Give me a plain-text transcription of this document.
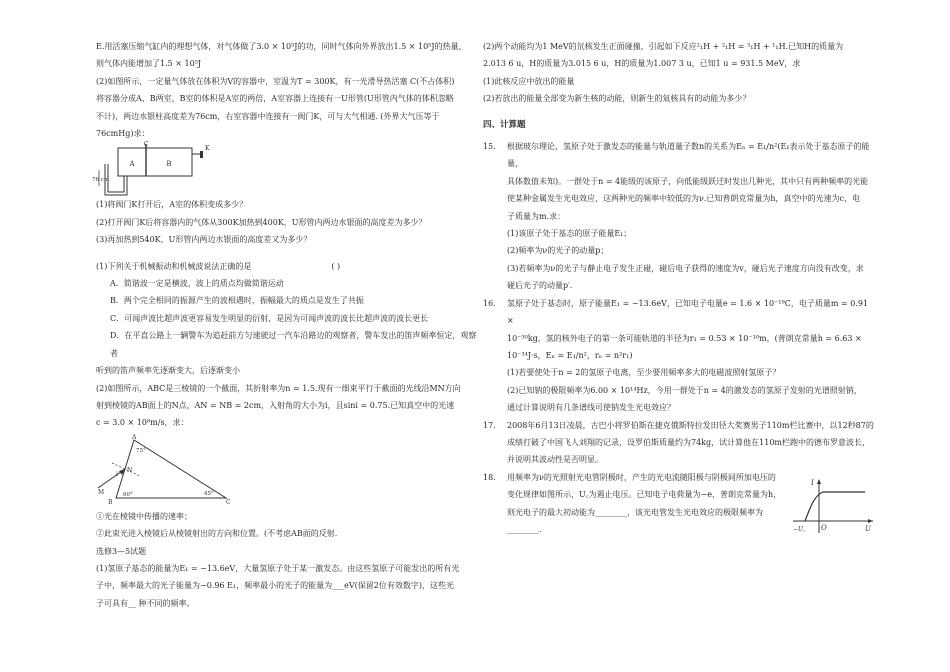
E.用活塞压缩气缸内的理想气体，对气体做了3.0 × 10⁵J的功，同时气体向外界放出1.5 × 10⁵J的热量，

则气体内能增加了1.5 × 10⁵J

(2)如图所示，一定量气体放在体积为V的容器中，室温为T = 300K，有一光滑导热活塞 C(不占体积)

将容器分成A、B两室，B室的体积是A室的两倍，A室容器上连接有一U形管(U形管内气体的体积忽略

不计)，两边水银柱高度差为76cm，右室容器中连接有一阀门K，可与大气相通. (外界大气压等于

76cmHg)求：

C
A	B
K
76 cm

(1)将阀门K打开后，A室的体积变成多少？

(2)打开阀门K后将容器内的气体从300K加热到400K，U形管内两边水银面的高度差为多少？

(3)再加热到540K，U形管内两边水银面的高度差又为多少？

(1)下列关于机械振动和机械波说法正确的是	( )

A．简谐波一定是横波，波上的质点均做简谐运动

B．两个完全相同的振源产生的波相遇时，振幅最大的质点是发生了共振

C．可闻声波比超声波更容易发生明显的衍射，是因为可闻声波的波长比超声波的波长更长

D．在平直公路上一辆警车为追赶前方匀速驶过一汽车沿路边的观察者，警车发出的笛声频率恒定，观察者

听到的笛声频率先逐渐变大，后逐渐变小

(2)如图所示，ABC是三棱镜的一个截面，其折射率为n = 1.5.现有一细束平行于截面的光线沿MN方向

射到棱镜的AB面上的N点，AN = NB = 2cm，入射角的大小为i，且sini = 0.75.已知真空中的光速

c = 3.0 × 10⁸m/s，求：

A
B	C
N
M
i
75°
60°	45°

①光在棱镜中传播的速率；

②此束光进入棱镜后从棱镜射出的方向和位置。(不考虑AB面的反射.

选修3—5试题

(1)氢原子基态的能量为E₁ = −13.6eV，大量氢原子处于某一激发态。由这些氢原子可能发出的所有光

子中，频率最大的光子能量为−0.96 E₁，频率最小的光子的能量为___eV(保留2位有效数字)，这些光

子可具有__ 种不同的频率。

(2)两个动能均为1 MeV的氘核发生正面碰撞，引起如下反应²₁H + ²₁H = ³₁H + ¹₁H.已知H的质量为

2.013 6 u，H的质量为3.015 6 u，H的质量为1.007 3 u，已知1 u = 931.5 MeV，求

(1)此核反应中放出的能量

(2)若放出的能量全部变为新生核的动能，则新生的氚核具有的动能为多少？

四、计算题

15. 根据玻尔理论，氢原子处于激发态的能量与轨道量子数n的关系为Eₙ = E₁/n²(E₁表示处于基态原子的能量，

具体数值未知)。一群处于n = 4能级的该原子，向低能级跃迁时发出几种光，其中只有两种频率的光能

使某种金属发生光电效应，这两种光的频率中较低的为ν.已知普朗克常量为h，真空中的光速为c，电

子质量为m.求：

(1)该原子处于基态的原子能量E₁；

(2)频率为ν的光子的动量p；

(3)若频率为ν的光子与静止电子发生正碰，碰后电子获得的速度为v，碰后光子速度方向没有改变，求

碰后光子的动量p′.

16. 氢原子处于基态时，原子能量E₁ = −13.6eV，已知电子电量e = 1.6 × 10⁻¹⁹C，电子质量m = 0.91 ×

10⁻³⁰kg，氢的核外电子的第一条可能轨道的半径为r₁ = 0.53 × 10⁻¹⁰m，(普朗克常量h = 6.63 ×

10⁻³⁴J·s，Eₙ = E₁/n²，rₙ = n²r₁)

(1)若要使处于n = 2的氢原子电离，至少要用频率多大的电磁波照射氢原子？

(2)已知钠的极限频率为6.00 × 10¹⁴Hz，今用一群处于n = 4的激发态的氢原子发射的光谱照射钠，

通过计算说明有几条谱线可使钠发生光电效应？

17. 2008年6月13日凌晨，古巴小将罗伯斯在捷克俄斯特拉发田径大奖赛男子110m栏比赛中，以12秒87的

成绩打破了中国飞人刘翔的记录，设罗伯斯质量约为74kg，试计算他在110m栏跑中的德布罗意波长，

并说明其波动性是否明显。

18. 用频率为ν的光照射光电管阴极时，产生的光电流随阳极与阴极间所加电压的

变化规律如图所示，U꜀为遏止电压。已知电子电荷量为−e，普朗克常量为h，

则光电子的最大初动能为________，该光电管发生光电效应的极限频率为

________.

I
O	U
−U꜀
